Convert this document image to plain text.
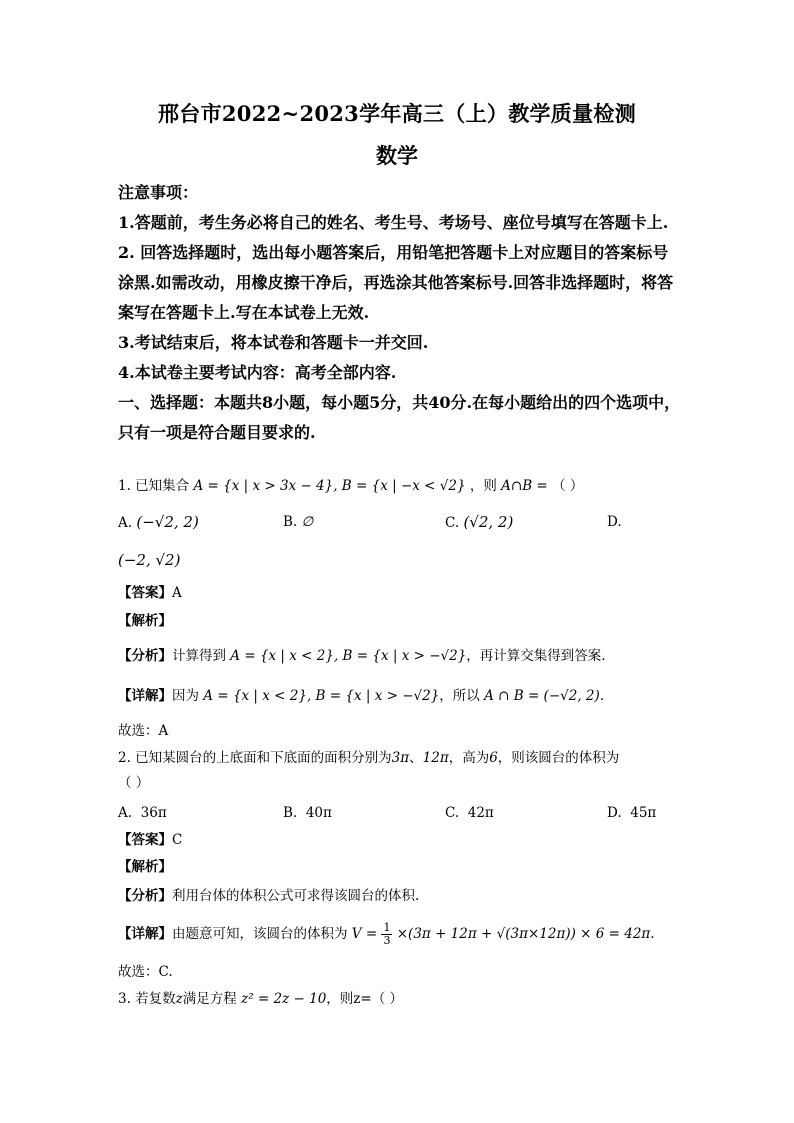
邢台市2022~2023学年高三（上）教学质量检测
数学

注意事项：

1.答题前，考生务必将自己的姓名、考生号、考场号、座位号填写在答题卡上.

2. 回答选择题时，选出每小题答案后，用铅笔把答题卡上对应题目的答案标号涂黑.如需改动，用橡皮擦干净后，再选涂其他答案标号.回答非选择题时，将答案写在答题卡上.写在本试卷上无效.

3.考试结束后，将本试卷和答题卡一并交回.

4.本试卷主要考试内容：高考全部内容.

一、选择题：本题共8小题，每小题5分，共40分.在每小题给出的四个选项中，只有一项是符合题目要求的.

1. 已知集合 A = {x | x > 3x − 4}, B = {x | −x < √2} ，则 A∩B = （ ）
A. (−√2, 2)	B. ∅	C. (√2, 2)	D.
(−2, √2)
【答案】A
【解析】
【分析】计算得到 A = {x | x < 2}, B = {x | x > −√2}，再计算交集得到答案.
【详解】因为 A = {x | x < 2}, B = {x | x > −√2}，所以 A ∩ B = (−√2, 2).
故选：A
2. 已知某圆台的上底面和下底面的面积分别为3π、12π，高为6，则该圆台的体积为
（ ）
A. 36π	B. 40π	C. 42π	D. 45π
【答案】C
【解析】
【分析】利用台体的体积公式可求得该圆台的体积.
【详解】由题意可知，该圆台的体积为 $V = \frac{1}{3} \times(3\pi + 12\pi + √(3\pi\times 12\pi)) \times 6 = 42\pi$.
故选：C.
3. 若复数z满足方程 z² = 2z − 10，则z=（ ）
